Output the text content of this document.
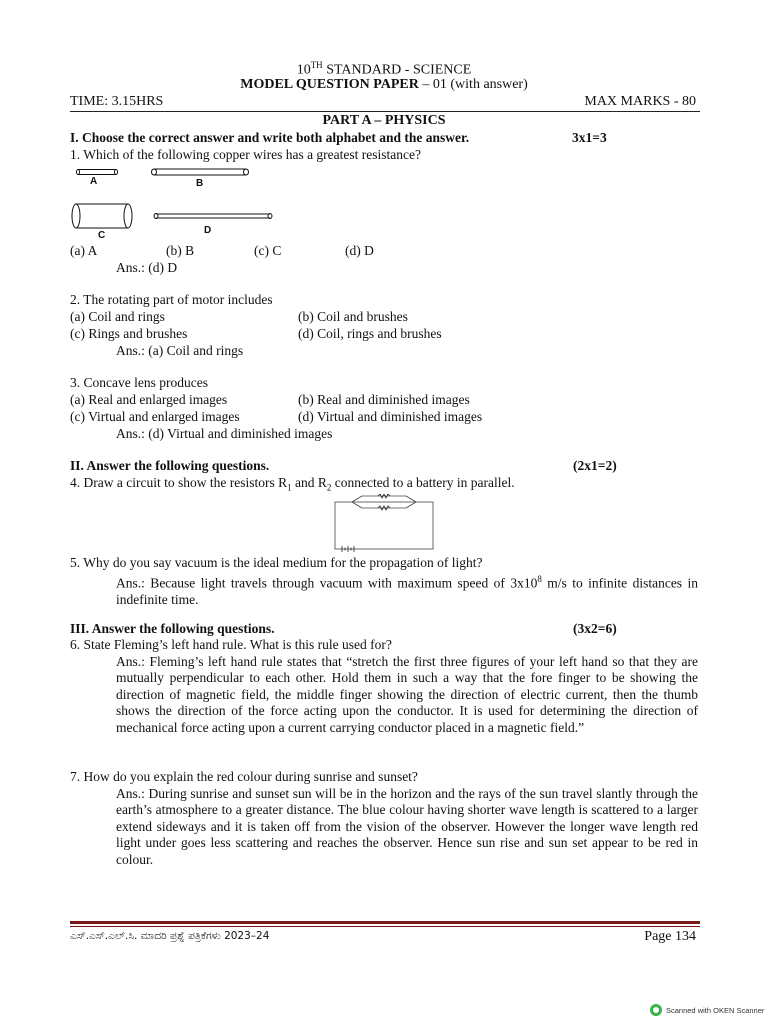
10TH STANDARD - SCIENCE
MODEL QUESTION PAPER – 01 (with answer)
TIME: 3.15HRS	MAX MARKS - 80
PART A – PHYSICS
I. Choose the correct answer and write both alphabet and the answer.	3x1=3
1. Which of the following copper wires has a greatest resistance?
A	B
C	D
(a) A	(b) B	(c) C	(d) D
Ans.: (d) D
2. The rotating part of motor includes
(a) Coil and rings	(b) Coil and brushes
(c) Rings and brushes	(d) Coil, rings and brushes
Ans.: (a) Coil and rings
3. Concave lens produces
(a) Real and enlarged images	(b) Real and diminished images
(c) Virtual and enlarged images	(d) Virtual and diminished images
Ans.: (d) Virtual and diminished images
II. Answer the following questions.	(2x1=2)
4. Draw a circuit to show the resistors $R_1$ and $R_2$ connected to a battery in parallel.
5. Why do you say vacuum is the ideal medium for the propagation of light?
Ans.: Because light travels through vacuum with maximum speed of $3x10^8$ m/s to infinite distances in indefinite time.
III. Answer the following questions.	(3x2=6)
6. State Fleming’s left hand rule. What is this rule used for?
Ans.: Fleming’s left hand rule states that “stretch the first three figures of your left hand so that they are mutually perpendicular to each other. Hold them in such a way that the fore finger to be showing the direction of magnetic field, the middle finger showing the direction of electric current, then the thumb shows the direction of the force acting upon the conductor. It is used for determining the direction of mechanical force acting upon a current carrying conductor placed in a magnetic field.”
7. How do you explain the red colour during sunrise and sunset?
Ans.: During sunrise and sunset sun will be in the horizon and the rays of the sun travel slantly through the earth’s atmosphere to a greater distance. The blue colour having shorter wave length is scattered to a larger extend sideways and it is taken off from the vision of the observer. However the longer wave length red light under goes less scattering and reaches the observer. Hence sun rise and sun set appear to be red in colour.
ಎಸ್.ಎಸ್.ಎಲ್.ಸಿ. ಮಾದರಿ ಪ್ರಶ್ನೆ ಪತ್ರಿಕೆಗಳು 2023–24	Page 134
Scanned with OKEN Scanner
